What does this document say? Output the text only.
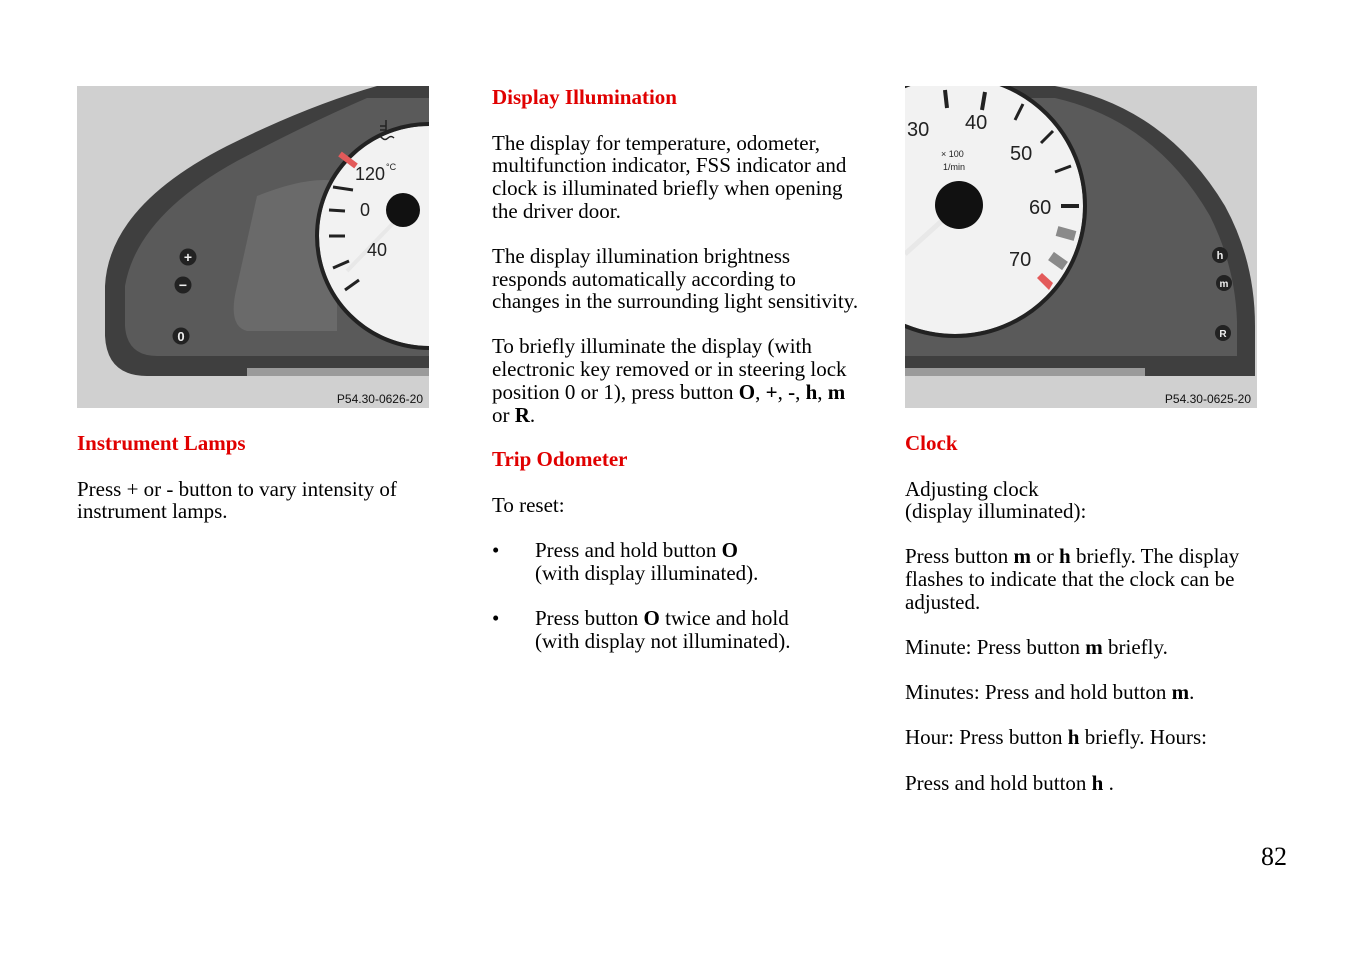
120 °C
0
40
+
−
0
P54.30-0626-20
Instrument Lamps

Press + or - button to vary intensity of instrument lamps.

Display Illumination

The display for temperature, odometer, multifunction indicator, FSS indicator and clock is illuminated briefly when opening the driver door.

The display illumination brightness responds automatically according to changes in the surrounding light sensitivity.

To briefly illuminate the display (with electronic key removed or in steering lock position 0 or 1), press button O, +, -, h, m or R.

Trip Odometer

To reset:

• Press and hold button O
(with display illuminated).
• Press button O twice and hold
(with display not illuminated).
30 40
50
60
70
× 100
1/min
h
m
R
P54.30-0625-20
Clock

Adjusting clock
(display illuminated):

Press button m or h briefly. The display flashes to indicate that the clock can be adjusted.

Minute: Press button m briefly.

Minutes: Press and hold button m.

Hour: Press button h briefly. Hours:

Press and hold button h .

82
